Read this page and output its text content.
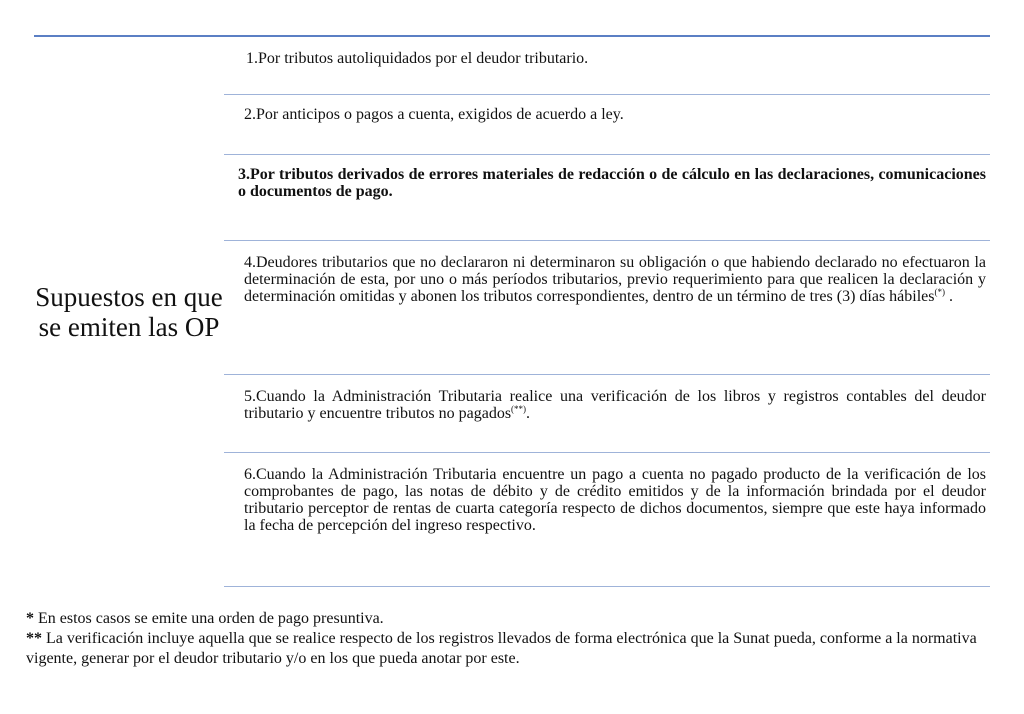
Supuestos en que se emiten las OP
1.Por tributos autoliquidados por el deudor tributario.
2.Por anticipos o pagos a cuenta, exigidos de acuerdo a ley.
3.Por tributos derivados de errores materiales de redacción o de cálculo en las declaraciones, comunicaciones o documentos de pago.
4.Deudores tributarios que no declararon ni determinaron su obligación o que habiendo declarado no efectuaron la determinación de esta, por uno o más períodos tributarios, previo requerimiento para que realicen la declaración y determinación omitidas y abonen los tributos correspondientes, dentro de un término de tres (3) días hábiles(*) .
5.Cuando la Administración Tributaria realice una verificación de los libros y registros contables del deudor tributario y encuentre tributos no pagados(**).
6.Cuando la Administración Tributaria encuentre un pago a cuenta no pagado producto de la verificación de los comprobantes de pago, las notas de débito y de crédito emitidos y de la información brindada por el deudor tributario perceptor de rentas de cuarta categoría respecto de dichos documentos, siempre que este haya informado la fecha de percepción del ingreso respectivo.

* En estos casos se emite una orden de pago presuntiva.

** La verificación incluye aquella que se realice respecto de los registros llevados de forma electrónica que la Sunat pueda, conforme a la normativa vigente, generar por el deudor tributario y/o en los que pueda anotar por este.
